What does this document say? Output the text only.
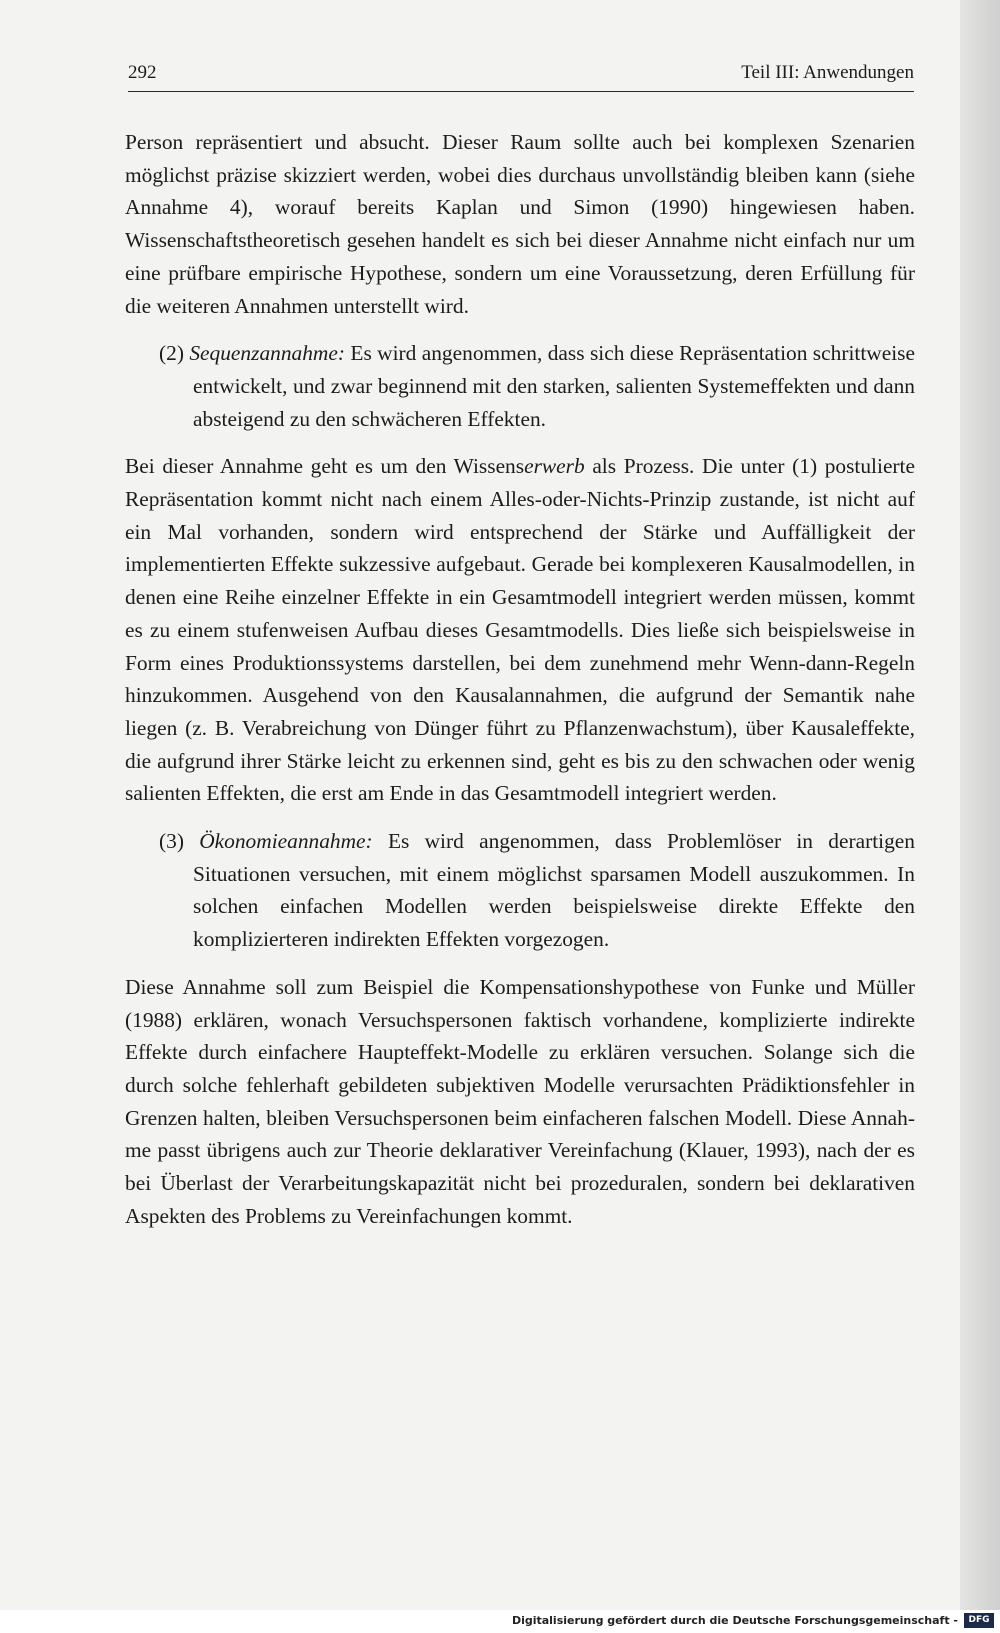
292	Teil III: Anwendungen

Person repräsentiert und absucht. Dieser Raum sollte auch bei komplexen Szenarien möglichst präzise skizziert werden, wobei dies durchaus unvollständig bleiben kann (siehe Annahme 4), worauf bereits Kaplan und Simon (1990) hingewiesen haben. Wissenschaftstheoretisch gesehen handelt es sich bei dieser Annahme nicht einfach nur um eine prüfbare empirische Hypothese, sondern um eine Voraussetzung, deren Erfüllung für die weiteren Annahmen unterstellt wird.

(2) Sequenzannahme: Es wird angenommen, dass sich diese Repräsentation schrittweise entwickelt, und zwar beginnend mit den starken, salienten Systemeffekten und dann absteigend zu den schwächeren Effekten.

Bei dieser Annahme geht es um den Wissenserwerb als Prozess. Die unter (1) postulierte Repräsentation kommt nicht nach einem Alles-oder-Nichts-Prinzip zustande, ist nicht auf ein Mal vorhanden, sondern wird entsprechend der Stärke und Auffälligkeit der implementierten Effekte sukzessive aufgebaut. Gerade bei komplexeren Kausalmodellen, in denen eine Reihe einzelner Effekte in ein Gesamtmodell integriert werden müssen, kommt es zu einem stufenweisen Aufbau dieses Gesamtmodells. Dies ließe sich beispielsweise in Form eines Produktionssystems darstellen, bei dem zunehmend mehr Wenn-dann-Regeln hinzukommen. Ausgehend von den Kausalannahmen, die aufgrund der Semantik nahe liegen (z. B. Verabreichung von Dünger führt zu Pflanzenwachstum), über Kausaleffekte, die aufgrund ihrer Stärke leicht zu erkennen sind, geht es bis zu den schwachen oder wenig salienten Effekten, die erst am Ende in das Gesamtmodell integriert werden.

(3) Ökonomieannahme: Es wird angenommen, dass Problemlöser in derartigen Situationen versuchen, mit einem möglichst sparsamen Modell auszukommen. In solchen einfachen Modellen werden beispielsweise direkte Effekte den komplizierteren indirekten Effekten vorgezogen.

Diese Annahme soll zum Beispiel die Kompensationshypothese von Funke und Müller (1988) erklären, wonach Versuchspersonen faktisch vorhandene, komplizierte indirekte Effekte durch einfachere Haupteffekt-Modelle zu erklären versuchen. Solange sich die durch solche fehlerhaft gebildeten subjektiven Modelle verursachten Prädiktionsfehler in Grenzen halten, bleiben Versuchspersonen beim einfacheren falschen Modell. Diese Annahme passt übrigens auch zur Theorie deklarativer Vereinfachung (Klauer, 1993), nach der es bei Überlast der Verarbeitungskapazität nicht bei prozeduralen, sondern bei deklarativen Aspekten des Problems zu Vereinfachungen kommt.

Digitalisierung gefördert durch die Deutsche Forschungsgemeinschaft -	DFG
